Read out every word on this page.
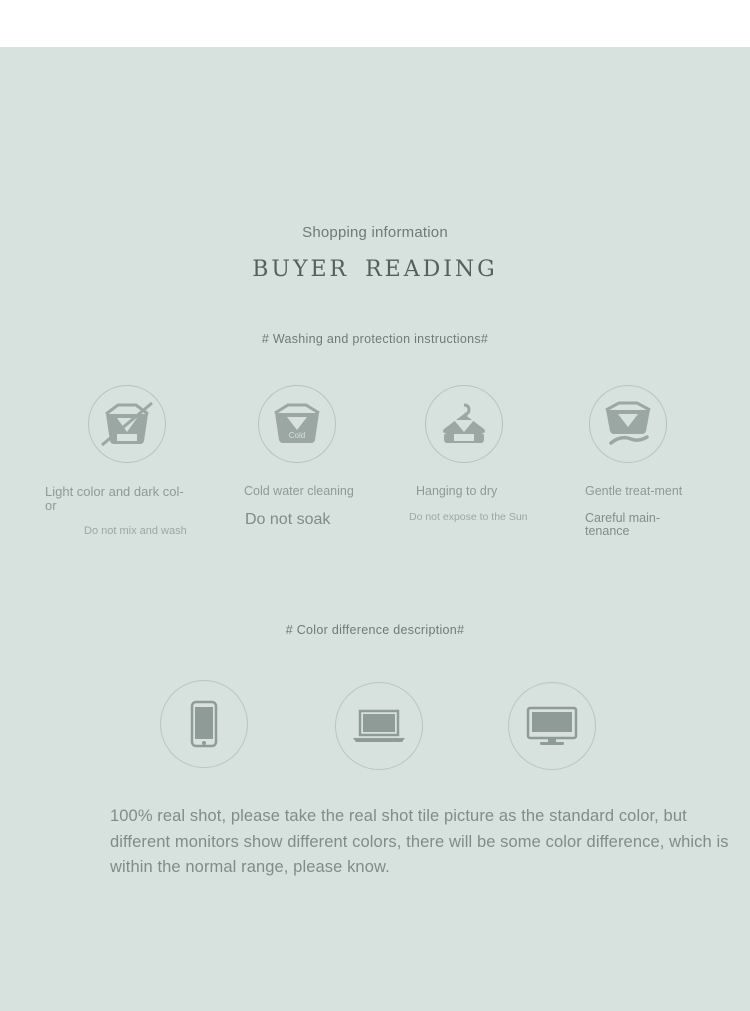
Shopping information
BUYER READING
# Washing and protection instructions#
Light color and dark col-or
Do not mix and wash
Cold
Cold water cleaning
Do not soak
Hanging to dry
Do not expose to the Sun
Gentle treat-ment
Careful main-tenance
# Color difference description#
100% real shot, please take the real shot tile picture as the standard color, but different monitors show different colors, there will be some color difference, which is within the normal range, please know.
